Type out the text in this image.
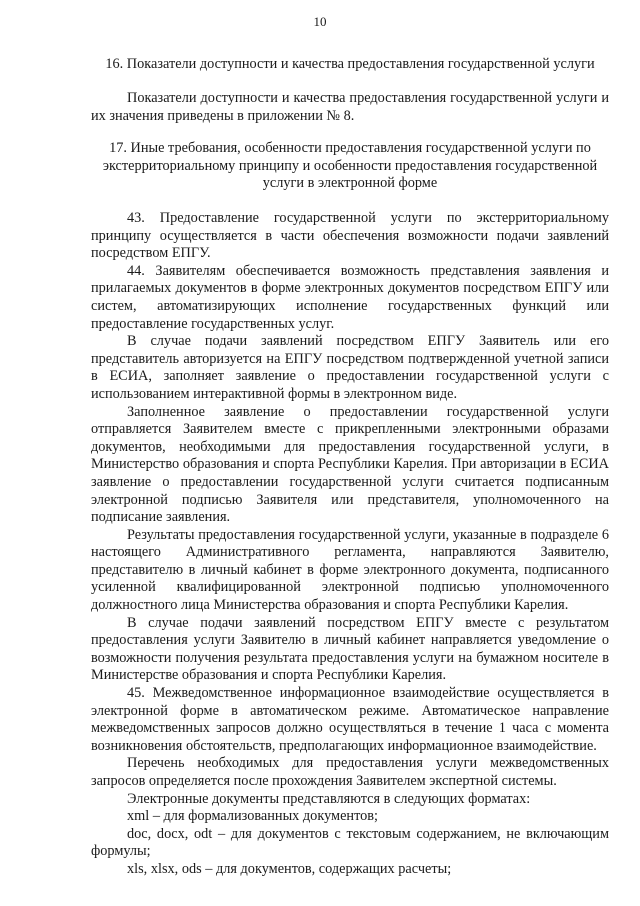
10
16. Показатели доступности и качества предоставления государственной услуги
Показатели доступности и качества предоставления государственной услуги и их значения приведены в приложении № 8.
17. Иные требования, особенности предоставления государственной услуги по экстерриториальному принципу и особенности предоставления государственной услуги в электронной форме
43. Предоставление государственной услуги по экстерриториальному принципу осуществляется в части обеспечения возможности подачи заявлений посредством ЕПГУ.
44. Заявителям обеспечивается возможность представления заявления и прилагаемых документов в форме электронных документов посредством ЕПГУ или систем, автоматизирующих исполнение государственных функций или предоставление государственных услуг.
В случае подачи заявлений посредством ЕПГУ Заявитель или его представитель авторизуется на ЕПГУ посредством подтвержденной учетной записи в ЕСИА, заполняет заявление о предоставлении государственной услуги с использованием интерактивной формы в электронном виде.
Заполненное заявление о предоставлении государственной услуги отправляется Заявителем вместе с прикрепленными электронными образами документов, необходимыми для предоставления государственной услуги, в Министерство образования и спорта Республики Карелия. При авторизации в ЕСИА заявление о предоставлении государственной услуги считается подписанным электронной подписью Заявителя или представителя, уполномоченного на подписание заявления.
Результаты предоставления государственной услуги, указанные в подразделе 6 настоящего Административного регламента, направляются Заявителю, представителю в личный кабинет в форме электронного документа, подписанного усиленной квалифицированной электронной подписью уполномоченного должностного лица Министерства образования и спорта Республики Карелия.
В случае подачи заявлений посредством ЕПГУ вместе с результатом предоставления услуги Заявителю в личный кабинет направляется уведомление о возможности получения результата предоставления услуги на бумажном носителе в Министерстве образования и спорта Республики Карелия.
45. Межведомственное информационное взаимодействие осуществляется в электронной форме в автоматическом режиме. Автоматическое направление межведомственных запросов должно осуществляться в течение 1 часа с момента возникновения обстоятельств, предполагающих информационное взаимодействие.
Перечень необходимых для предоставления услуги межведомственных запросов определяется после прохождения Заявителем экспертной системы.
Электронные документы представляются в следующих форматах:
xml – для формализованных документов;
doc, docx, odt – для документов с текстовым содержанием, не включающим формулы;
xls, xlsx, ods – для документов, содержащих расчеты;
